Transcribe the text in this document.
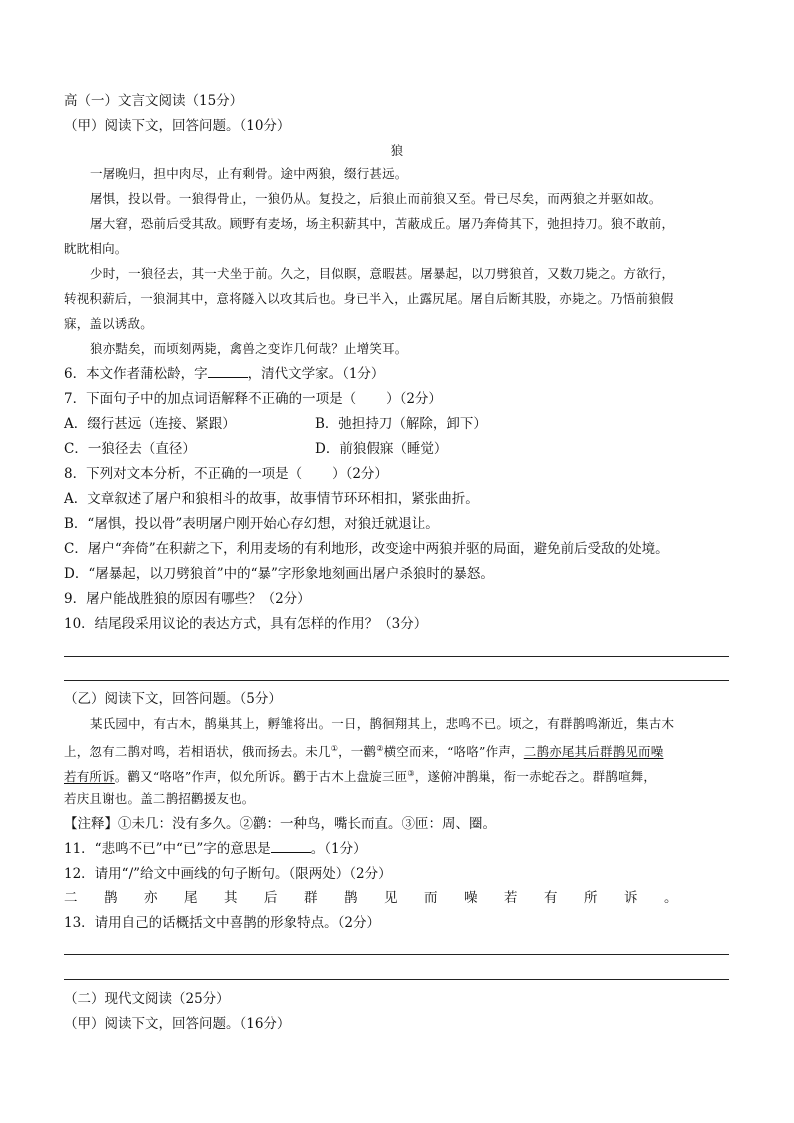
高（一）文言文阅读（15分）
（甲）阅读下文，回答问题。（10分）
狼
一屠晚归，担中肉尽，止有剩骨。途中两狼，缀行甚远。
屠惧，投以骨。一狼得骨止，一狼仍从。复投之，后狼止而前狼又至。骨已尽矣，而两狼之并驱如故。
屠大窘，恐前后受其敌。顾野有麦场，场主积薪其中，苫蔽成丘。屠乃奔倚其下，弛担持刀。狼不敢前，
眈眈相向。
少时，一狼径去，其一犬坐于前。久之，目似瞑，意暇甚。屠暴起，以刀劈狼首，又数刀毙之。方欲行，
转视积薪后，一狼洞其中，意将隧入以攻其后也。身已半入，止露尻尾。屠自后断其股，亦毙之。乃悟前狼假
寐，盖以诱敌。
狼亦黠矣，而顷刻两毙，禽兽之变诈几何哉？止增笑耳。
6．本文作者蒲松龄，字	，清代文学家。（1分）
7．下面句子中的加点词语解释不正确的一项是（ ）（2分）
A．缀行甚远（连接、紧跟）	B．弛担持刀（解除，卸下）
C．一狼径去（直径）	D．前狼假寐（睡觉）
8．下列对文本分析，不正确的一项是（ ）（2分）
A．文章叙述了屠户和狼相斗的故事，故事情节环环相扣，紧张曲折。
B．“屠惧，投以骨”表明屠户刚开始心存幻想，对狼迁就退让。
C．屠户“奔倚”在积薪之下，利用麦场的有利地形，改变途中两狼并驱的局面，避免前后受敌的处境。
D．“屠暴起，以刀劈狼首”中的“暴”字形象地刻画出屠户杀狼时的暴怒。
9．屠户能战胜狼的原因有哪些？（2分）
10．结尾段采用议论的表达方式，具有怎样的作用？（3分）
（乙）阅读下文，回答问题。（5分）
某氏园中，有古木，鹊巢其上，孵雏将出。一日，鹊徊翔其上，悲鸣不已。顷之，有群鹊鸣渐近，集古木
上，忽有二鹊对鸣，若相语状，俄而扬去。未几①，一鹳②横空而来，“咯咯”作声，二鹊亦尾其后群鹊见而噪
若有所诉。鹳又“咯咯”作声，似允所诉。鹳于古木上盘旋三匝③，遂俯冲鹊巢，衔一赤蛇吞之。群鹊喧舞，
若庆且谢也。盖二鹊招鹳援友也。
【注释】①未几：没有多久。②鹳：一种鸟，嘴长而直。③匝：周、圈。
11．“悲鸣不已”中“已”字的意思是	。（1分）
12．请用“/”给文中画线的句子断句。（限两处）（2分）
二鹊亦尾其后群鹊见而噪若有所诉。
13．请用自己的话概括文中喜鹊的形象特点。（2分）
（二）现代文阅读（25分）
（甲）阅读下文，回答问题。（16分）
